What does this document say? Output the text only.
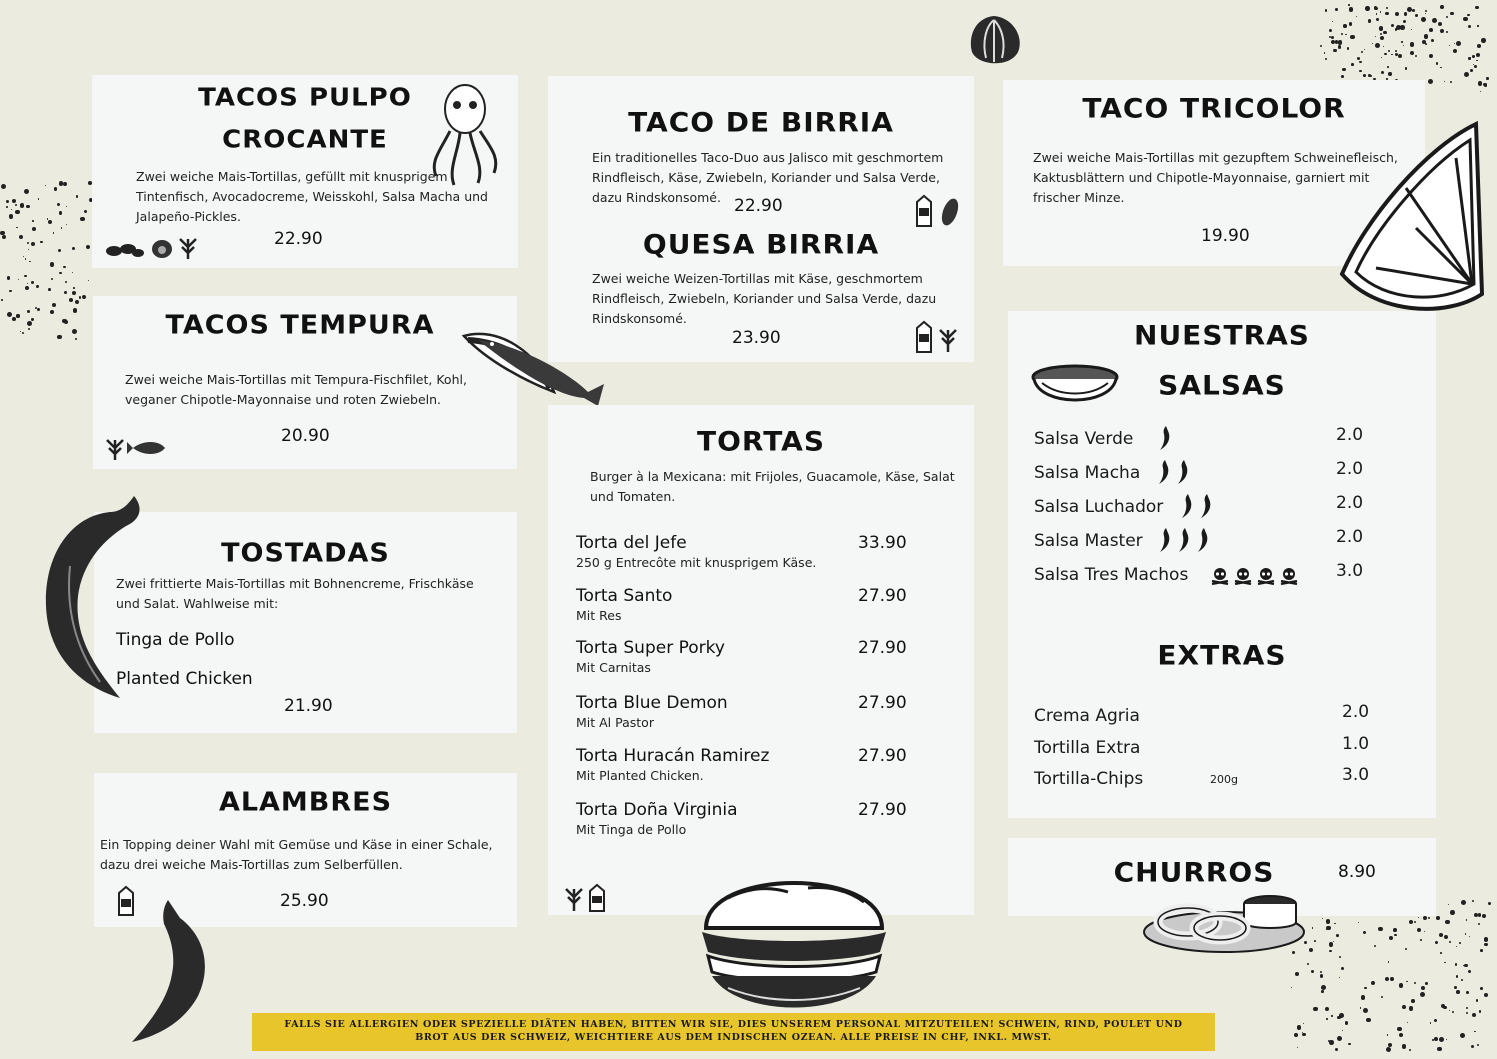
TACOS PULPO
CROCANTE
Zwei weiche Mais-Tortillas, gefüllt mit knusprigem Tintenfisch, Avocadocreme, Weisskohl, Salsa Macha und Jalapeño-Pickles.
22.90
TACOS TEMPURA
Zwei weiche Mais-Tortillas mit Tempura-Fischfilet, Kohl, veganer Chipotle-Mayonnaise und roten Zwiebeln.
20.90
TOSTADAS
Zwei frittierte Mais-Tortillas mit Bohnencreme, Frischkäse und Salat. Wahlweise mit:
Tinga de Pollo
Planted Chicken
21.90
ALAMBRES
Ein Topping deiner Wahl mit Gemüse und Käse in einer Schale, dazu drei weiche Mais-Tortillas zum Selberfüllen.
25.90
TACO DE BIRRIA
Ein traditionelles Taco-Duo aus Jalisco mit geschmortem Rindfleisch, Käse, Zwiebeln, Koriander und Salsa Verde, dazu Rindskonsomé. 22.90
QUESA BIRRIA
Zwei weiche Weizen-Tortillas mit Käse, geschmortem Rindfleisch, Zwiebeln, Koriander und Salsa Verde, dazu Rindskonsomé.
23.90
TORTAS
Burger à la Mexicana: mit Frijoles, Guacamole, Käse, Salat und Tomaten.
Torta del Jefe
250 g Entrecôte mit knusprigem Käse.
33.90
Torta Santo
Mit Res
27.90
Torta Super Porky
Mit Carnitas
27.90
Torta Blue Demon
Mit Al Pastor
27.90
Torta Huracán Ramirez
Mit Planted Chicken.
27.90
Torta Doña Virginia
Mit Tinga de Pollo
27.90
TACO TRICOLOR
Zwei weiche Mais-Tortillas mit gezupftem Schweinefleisch, Kaktusblättern und Chipotle-Mayonnaise, garniert mit frischer Minze.
19.90
NUESTRAS
SALSAS
Salsa Verde	2.0
Salsa Macha	2.0
Salsa Luchador	2.0
Salsa Master	2.0
Salsa Tres Machos	3.0
EXTRAS
Crema Agria	2.0
Tortilla Extra	1.0
Tortilla-Chips	200g	3.0
CHURROS	8.90
FALLS SIE ALLERGIEN ODER SPEZIELLE DIÄTEN HABEN, BITTEN WIR SIE, DIES UNSEREM PERSONAL MITZUTEILEN! SCHWEIN, RIND, POULET UND BROT AUS DER SCHWEIZ, WEICHTIERE AUS DEM INDISCHEN OZEAN. ALLE PREISE IN CHF, INKL. MWST.
